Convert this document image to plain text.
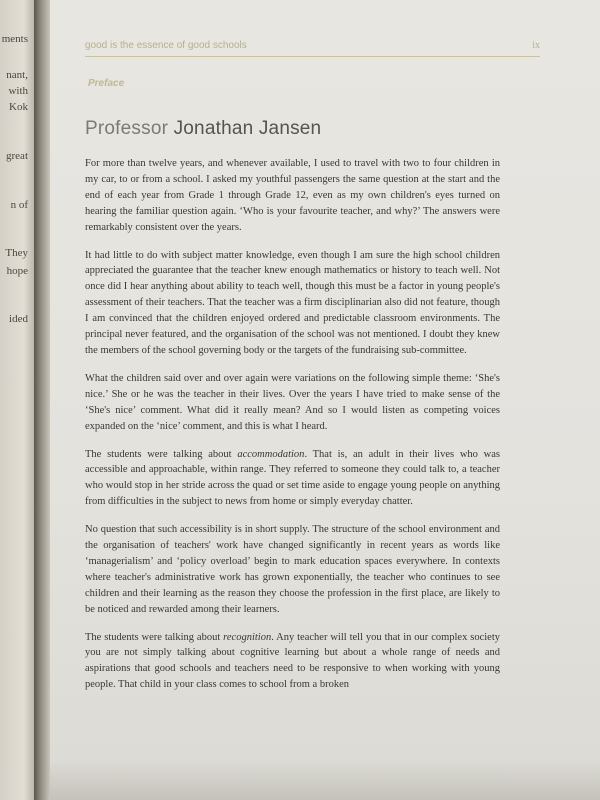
ments
nant,
with
Kok
great
n of
They
hope
ided
good is the essence of good schools	ix
Preface
Professor Jonathan Jansen

For more than twelve years, and whenever available, I used to travel with two to four children in my car, to or from a school. I asked my youthful passengers the same question at the start and the end of each year from Grade 1 through Grade 12, even as my own children's eyes turned on hearing the familiar question again. ‘Who is your favourite teacher, and why?’ The answers were remarkably consistent over the years.

It had little to do with subject matter knowledge, even though I am sure the high school children appreciated the guarantee that the teacher knew enough mathematics or history to teach well. Not once did I hear anything about ability to teach well, though this must be a factor in young people's assessment of their teachers. That the teacher was a firm disciplinarian also did not feature, though I am convinced that the children enjoyed ordered and predictable classroom environments. The principal never featured, and the organisation of the school was not mentioned. I doubt they knew the members of the school governing body or the targets of the fundraising sub-committee.

What the children said over and over again were variations on the following simple theme: ‘She's nice.’ She or he was the teacher in their lives. Over the years I have tried to make sense of the ‘She's nice’ comment. What did it really mean? And so I would listen as competing voices expanded on the ‘nice’ comment, and this is what I heard.

The students were talking about accommodation. That is, an adult in their lives who was accessible and approachable, within range. They referred to someone they could talk to, a teacher who would stop in her stride across the quad or set time aside to engage young people on anything from difficulties in the subject to news from home or simply everyday chatter.

No question that such accessibility is in short supply. The structure of the school environment and the organisation of teachers' work have changed significantly in recent years as words like ‘managerialism’ and ‘policy overload’ begin to mark education spaces everywhere. In contexts where teacher's administrative work has grown exponentially, the teacher who continues to see children and their learning as the reason they choose the profession in the first place, are likely to be noticed and rewarded among their learners.

The students were talking about recognition. Any teacher will tell you that in our complex society you are not simply talking about cognitive learning but about a whole range of needs and aspirations that good schools and teachers need to be responsive to when working with young people. That child in your class comes to school from a broken
